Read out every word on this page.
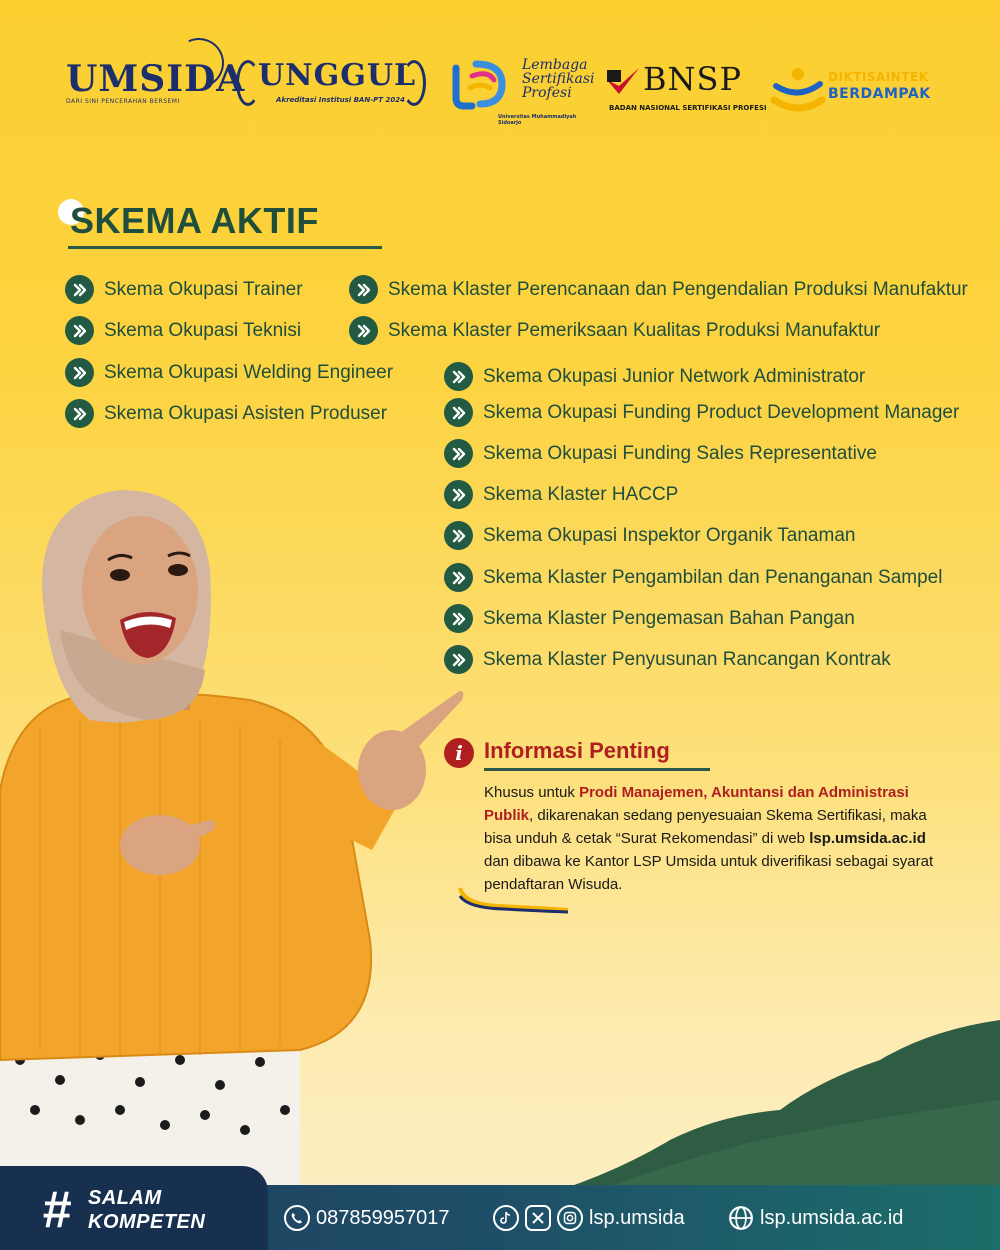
UMSIDA
DARI SINI PENCERAHAN BERSEMI
UNGGUL
Akreditasi Institusi BAN-PT 2024
Lembaga
Sertifikasi
Profesi
Universitas Muhammadiyah Sidoarjo
BNSP
BADAN NASIONAL SERTIFIKASI PROFESI
DIKTISAINTEK
BERDAMPAK
SKEMA AKTIF
Skema Okupasi Trainer
Skema Okupasi Teknisi
Skema Okupasi Welding Engineer
Skema Okupasi Asisten Produser
Skema Klaster Perencanaan dan Pengendalian Produksi Manufaktur
Skema Klaster Pemeriksaan Kualitas Produksi Manufaktur
Skema Okupasi Junior Network Administrator
Skema Okupasi Funding Product Development Manager
Skema Okupasi Funding Sales Representative
Skema Klaster HACCP
Skema Okupasi Inspektor Organik Tanaman
Skema Klaster Pengambilan dan Penanganan Sampel
Skema Klaster Pengemasan Bahan Pangan
Skema Klaster Penyusunan Rancangan Kontrak
i Informasi Penting
Khusus untuk Prodi Manajemen, Akuntansi dan Administrasi Publik, dikarenakan sedang penyesuaian Skema Sertifikasi, maka bisa unduh & cetak “Surat Rekomendasi” di web lsp.umsida.ac.id dan dibawa ke Kantor LSP Umsida untuk diverifikasi sebagai syarat pendaftaran Wisuda.
# SALAM
KOMPETEN	087859957017	lsp.umsida	lsp.umsida.ac.id
